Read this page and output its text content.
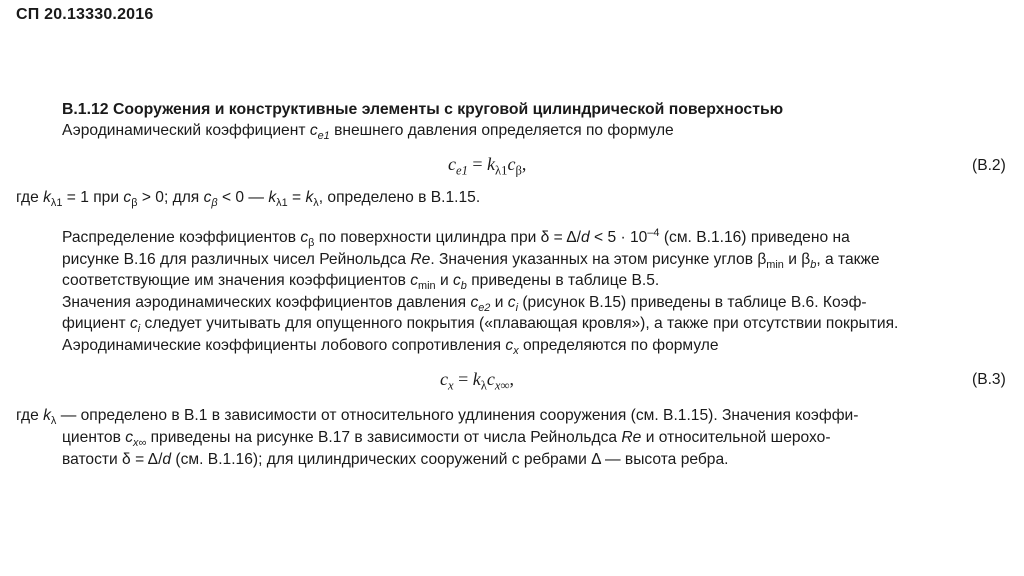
СП 20.13330.2016
В.1.12 Сооружения и конструктивные элементы с круговой цилиндрической поверхностью
Аэродинамический коэффициент $c_{e1}$ внешнего давления определяется по формуле
$c_{e1} = k_{\lambda 1}c_\beta$,	(В.2)
где $k_{\lambda 1} = 1$ при $c_\beta > 0$; для $c_\beta < 0$ — $k_{\lambda 1} = k_\lambda$, определено в В.1.15.
Распределение коэффициентов $c_\beta$ по поверхности цилиндра при $\delta = \Delta/d < 5 \cdot 10^{-4}$ (см. В.1.16) приведено на
рисунке В.16 для различных чисел Рейнольдса Re. Значения указанных на этом рисунке углов $\beta_{min}$ и $\beta_b$, а также
соответствующие им значения коэффициентов $c_{min}$ и $c_b$ приведены в таблице В.5.
Значения аэродинамических коэффициентов давления $c_{e2}$ и $c_i$ (рисунок В.15) приведены в таблице В.6. Коэф-
фициент $c_i$ следует учитывать для опущенного покрытия («плавающая кровля»), а также при отсутствии покрытия.
Аэродинамические коэффициенты лобового сопротивления $c_x$ определяются по формуле
$c_x = k_\lambda c_{x\infty}$,	(В.3)
где $k_\lambda$ — определено в В.1 в зависимости от относительного удлинения сооружения (см. В.1.15). Значения коэффи-
циентов $c_{x\infty}$ приведены на рисунке В.17 в зависимости от числа Рейнольдса Re и относительной шерохо-
ватости δ = Δ/d (см. В.1.16); для цилиндрических сооружений с ребрами Δ — высота ребра.
